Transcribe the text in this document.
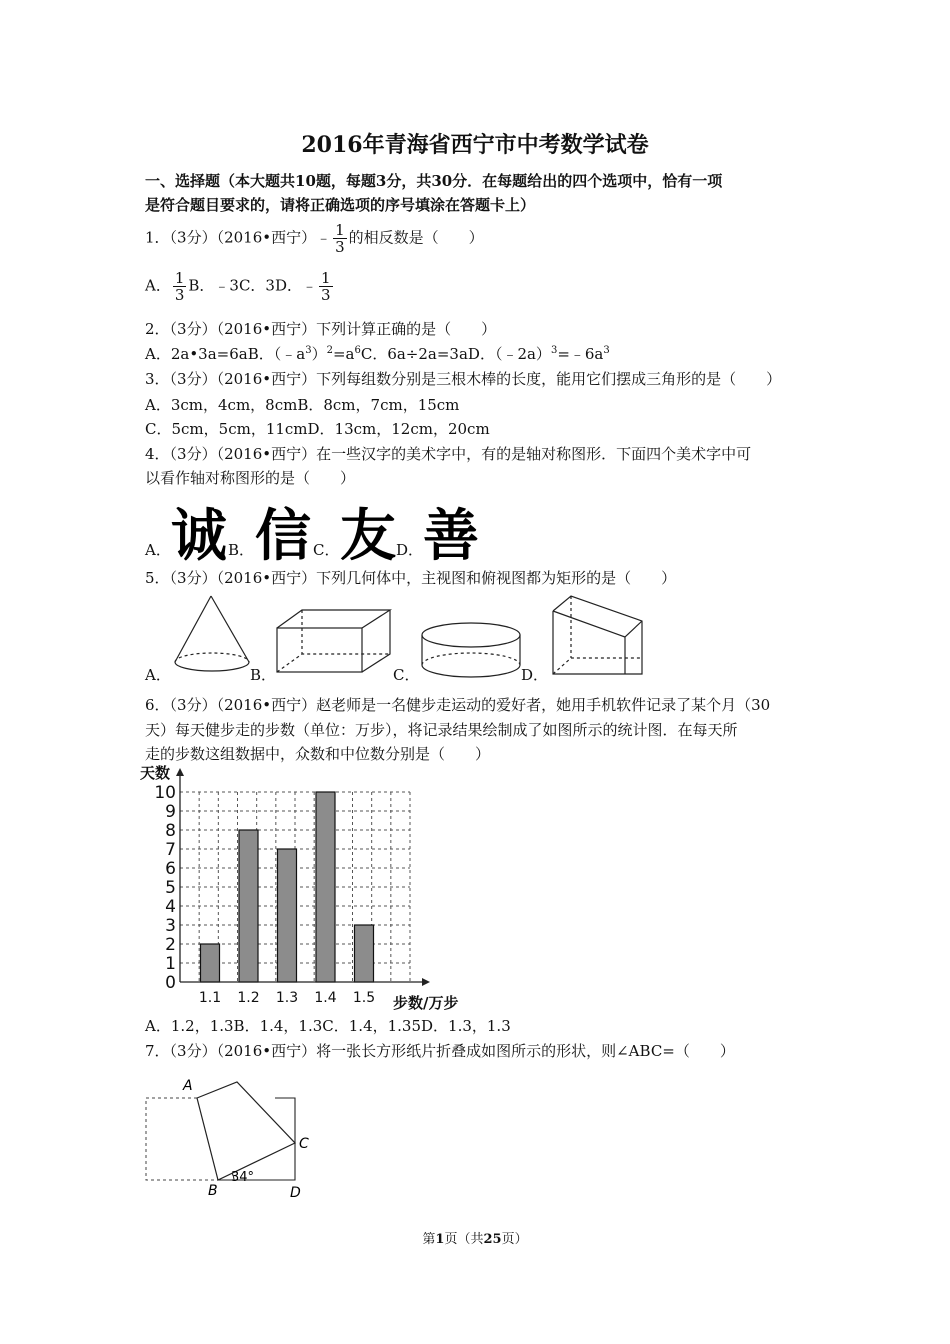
2016年青海省西宁市中考数学试卷
一、选择题（本大题共10题，每题3分，共30分．在每题给出的四个选项中，恰有一项
是符合题目要求的，请将正确选项的序号填涂在答题卡上）
1．（3分）（2016•西宁）﹣ $\frac{1}{3}$ 的相反数是（　　）
A． $\frac{1}{3}$ B．﹣3C．3D．﹣ $\frac{1}{3}$
2．（3分）（2016•西宁）下列计算正确的是（　　）
A．2a•3a=6aB．$(﹣a^3)^2=a^6C$．6a÷2a=3aD．$(﹣2a)^3=﹣6a^3$
3．（3分）（2016•西宁）下列每组数分别是三根木棒的长度，能用它们摆成三角形的是（　　）
A．3cm，4cm，8cmB．8cm，7cm，15cm
C．5cm，5cm，11cmD．13cm，12cm，20cm
4．（3分）（2016•西宁）在一些汉字的美术字中，有的是轴对称图形．下面四个美术字中可
以看作轴对称图形的是（　　）
诚 信 友 善
A．	B．	C．	D．
5．（3分）（2016•西宁）下列几何体中，主视图和俯视图都为矩形的是（　　）
A．	B．	C．	D．
6．（3分）（2016•西宁）赵老师是一名健步走运动的爱好者，她用手机软件记录了某个月（30
天）每天健步走的步数（单位：万步），将记录结果绘制成了如图所示的统计图．在每天所
走的步数这组数据中，众数和中位数分别是（　　）
0
1
2
3
4
5
6
7
8
9
10
1.1 1.2 1.3 1.4 1.5
天数
步数/万步
A．1.2，1.3B．1.4，1.3C．1.4，1.35D．1.3，1.3
7．（3分）（2016•西宁）将一张长方形纸片折叠成如图所示的形状，则∠ABC=（　　）
A
B
C
D
34°
第1页（共25页）
